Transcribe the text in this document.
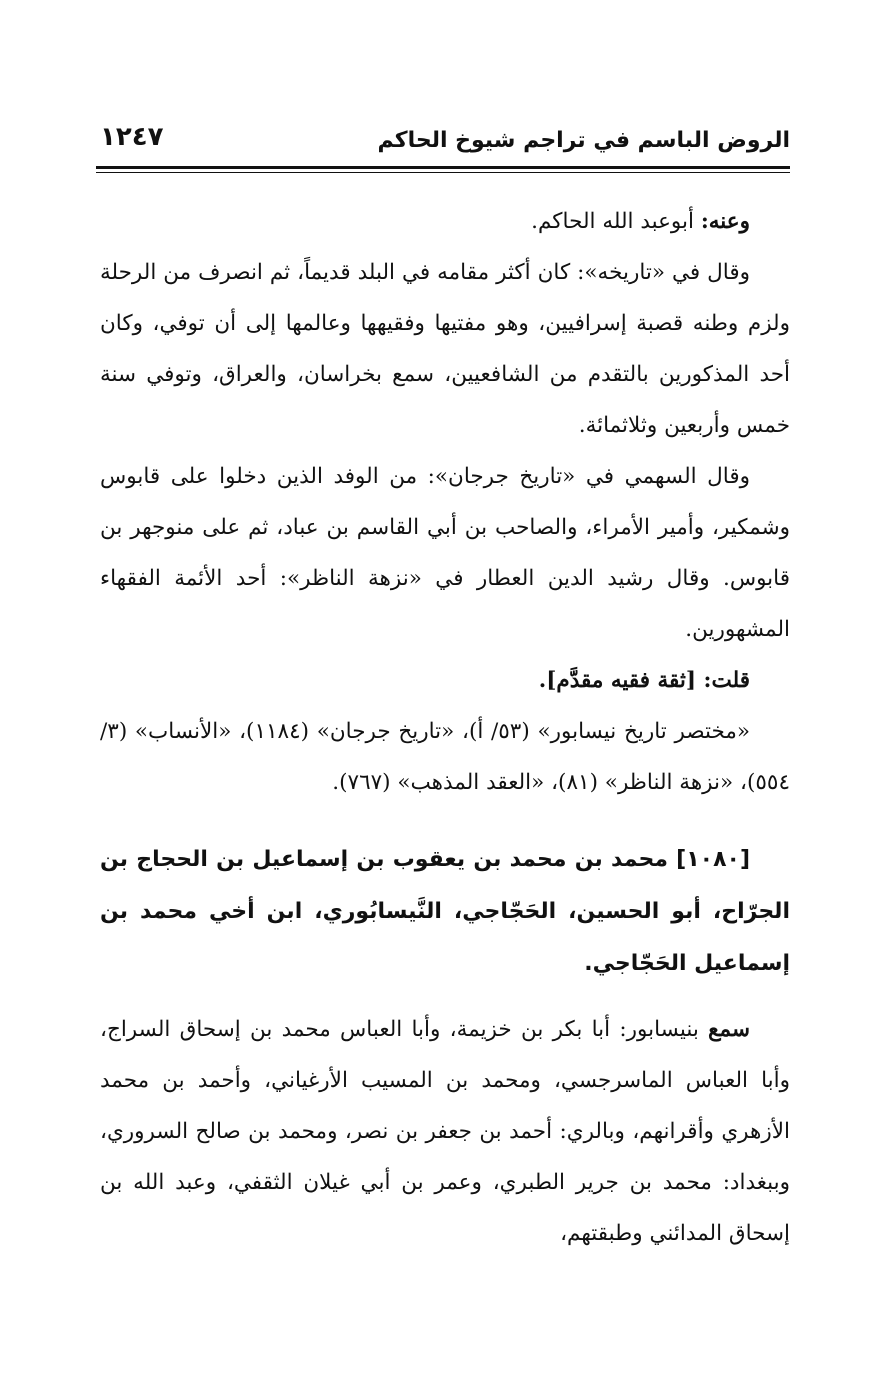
الروض الباسم في تراجم شيوخ الحاكم
١٢٤٧

وعنه: أبوعبد الله الحاكم.

وقال في «تاريخه»: كان أكثر مقامه في البلد قديماً، ثم انصرف من الرحلة ولزم وطنه قصبة إسرافيين، وهو مفتيها وفقيهها وعالمها إلى أن توفي، وكان أحد المذكورين بالتقدم من الشافعيين، سمع بخراسان، والعراق، وتوفي سنة خمس وأربعين وثلاثمائة.

وقال السهمي في «تاريخ جرجان»: من الوفد الذين دخلوا على قابوس وشمكير، وأمير الأمراء، والصاحب بن أبي القاسم بن عباد، ثم على منوجهر بن قابوس. وقال رشيد الدين العطار في «نزهة الناظر»: أحد الأئمة الفقهاء المشهورين.

قلت: [ثقة فقيه مقدَّم].

«مختصر تاريخ نيسابور» (٥٣/ أ)، «تاريخ جرجان» (١١٨٤)، «الأنساب» (٣/ ٥٥٤)، «نزهة الناظر» (٨١)، «العقد المذهب» (٧٦٧).

[١٠٨٠] محمد بن محمد بن يعقوب بن إسماعيل بن الحجاج بن الجرّاح، أبو الحسين، الحَجّاجي، النَّيسابُوري، ابن أخي محمد بن إسماعيل الحَجّاجي.

سمع بنيسابور: أبا بكر بن خزيمة، وأبا العباس محمد بن إسحاق السراج، وأبا العباس الماسرجسي، ومحمد بن المسيب الأرغياني، وأحمد بن محمد الأزهري وأقرانهم، وبالري: أحمد بن جعفر بن نصر، ومحمد بن صالح السروري، وببغداد: محمد بن جرير الطبري، وعمر بن أبي غيلان الثقفي، وعبد الله بن إسحاق المدائني وطبقتهم،
